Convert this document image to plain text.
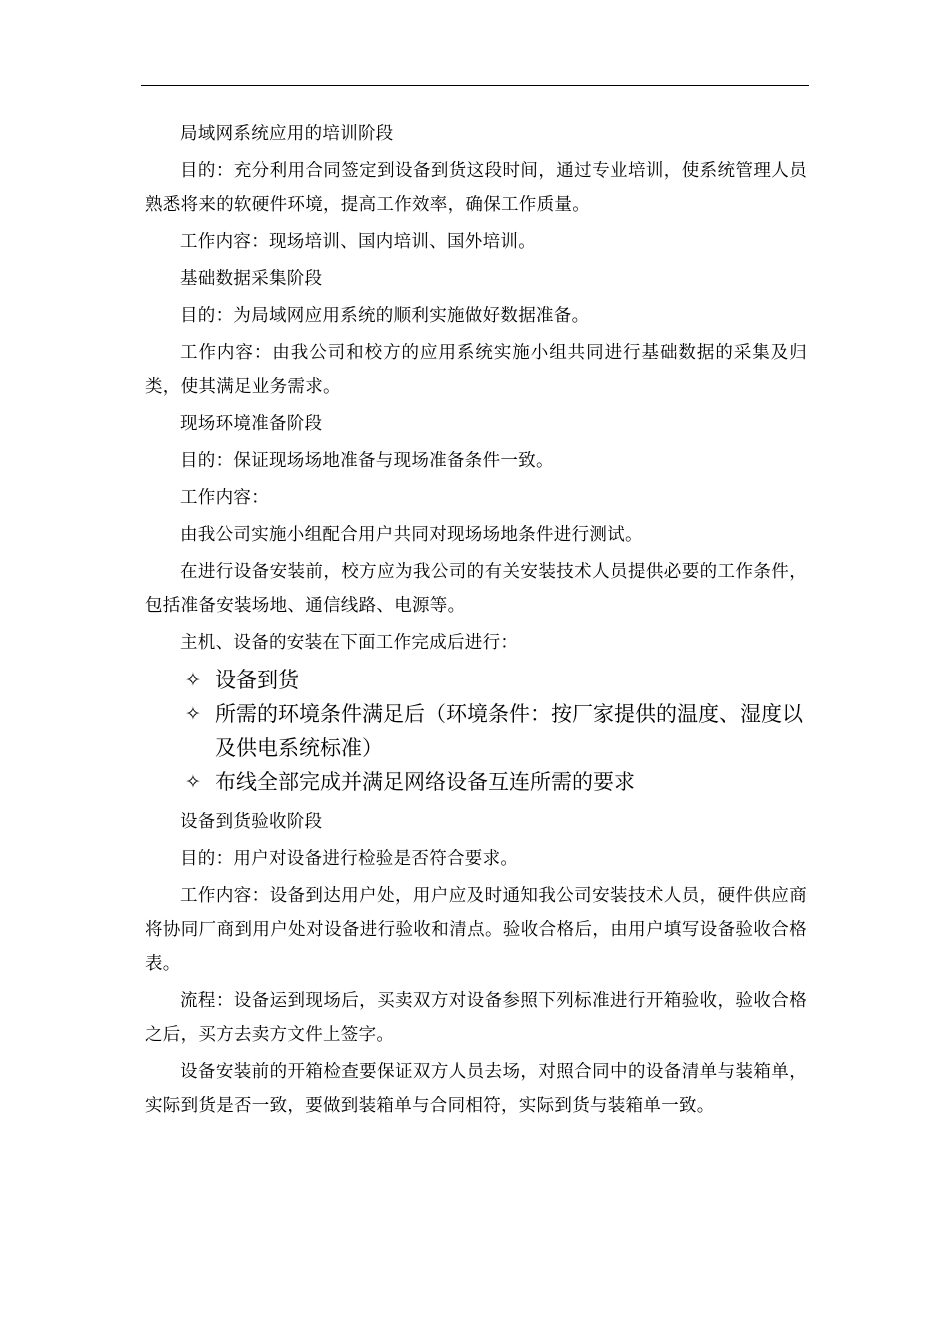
局域网系统应用的培训阶段

目的：充分利用合同签定到设备到货这段时间，通过专业培训，使系统管理人员熟悉将来的软硬件环境，提高工作效率，确保工作质量。

工作内容：现场培训、国内培训、国外培训。

基础数据采集阶段

目的：为局域网应用系统的顺利实施做好数据准备。

工作内容：由我公司和校方的应用系统实施小组共同进行基础数据的采集及归类，使其满足业务需求。

现场环境准备阶段

目的：保证现场场地准备与现场准备条件一致。

工作内容：

由我公司实施小组配合用户共同对现场场地条件进行测试。

在进行设备安装前，校方应为我公司的有关安装技术人员提供必要的工作条件，包括准备安装场地、通信线路、电源等。

主机、设备的安装在下面工作完成后进行：

✧ 设备到货
✧ 所需的环境条件满足后（环境条件：按厂家提供的温度、湿度以及供电系统标准）
✧ 布线全部完成并满足网络设备互连所需的要求
设备到货验收阶段

目的：用户对设备进行检验是否符合要求。

工作内容：设备到达用户处，用户应及时通知我公司安装技术人员，硬件供应商将协同厂商到用户处对设备进行验收和清点。验收合格后，由用户填写设备验收合格表。

流程：设备运到现场后，买卖双方对设备参照下列标准进行开箱验收，验收合格之后，买方去卖方文件上签字。

设备安装前的开箱检查要保证双方人员去场，对照合同中的设备清单与装箱单，实际到货是否一致，要做到装箱单与合同相符，实际到货与装箱单一致。
